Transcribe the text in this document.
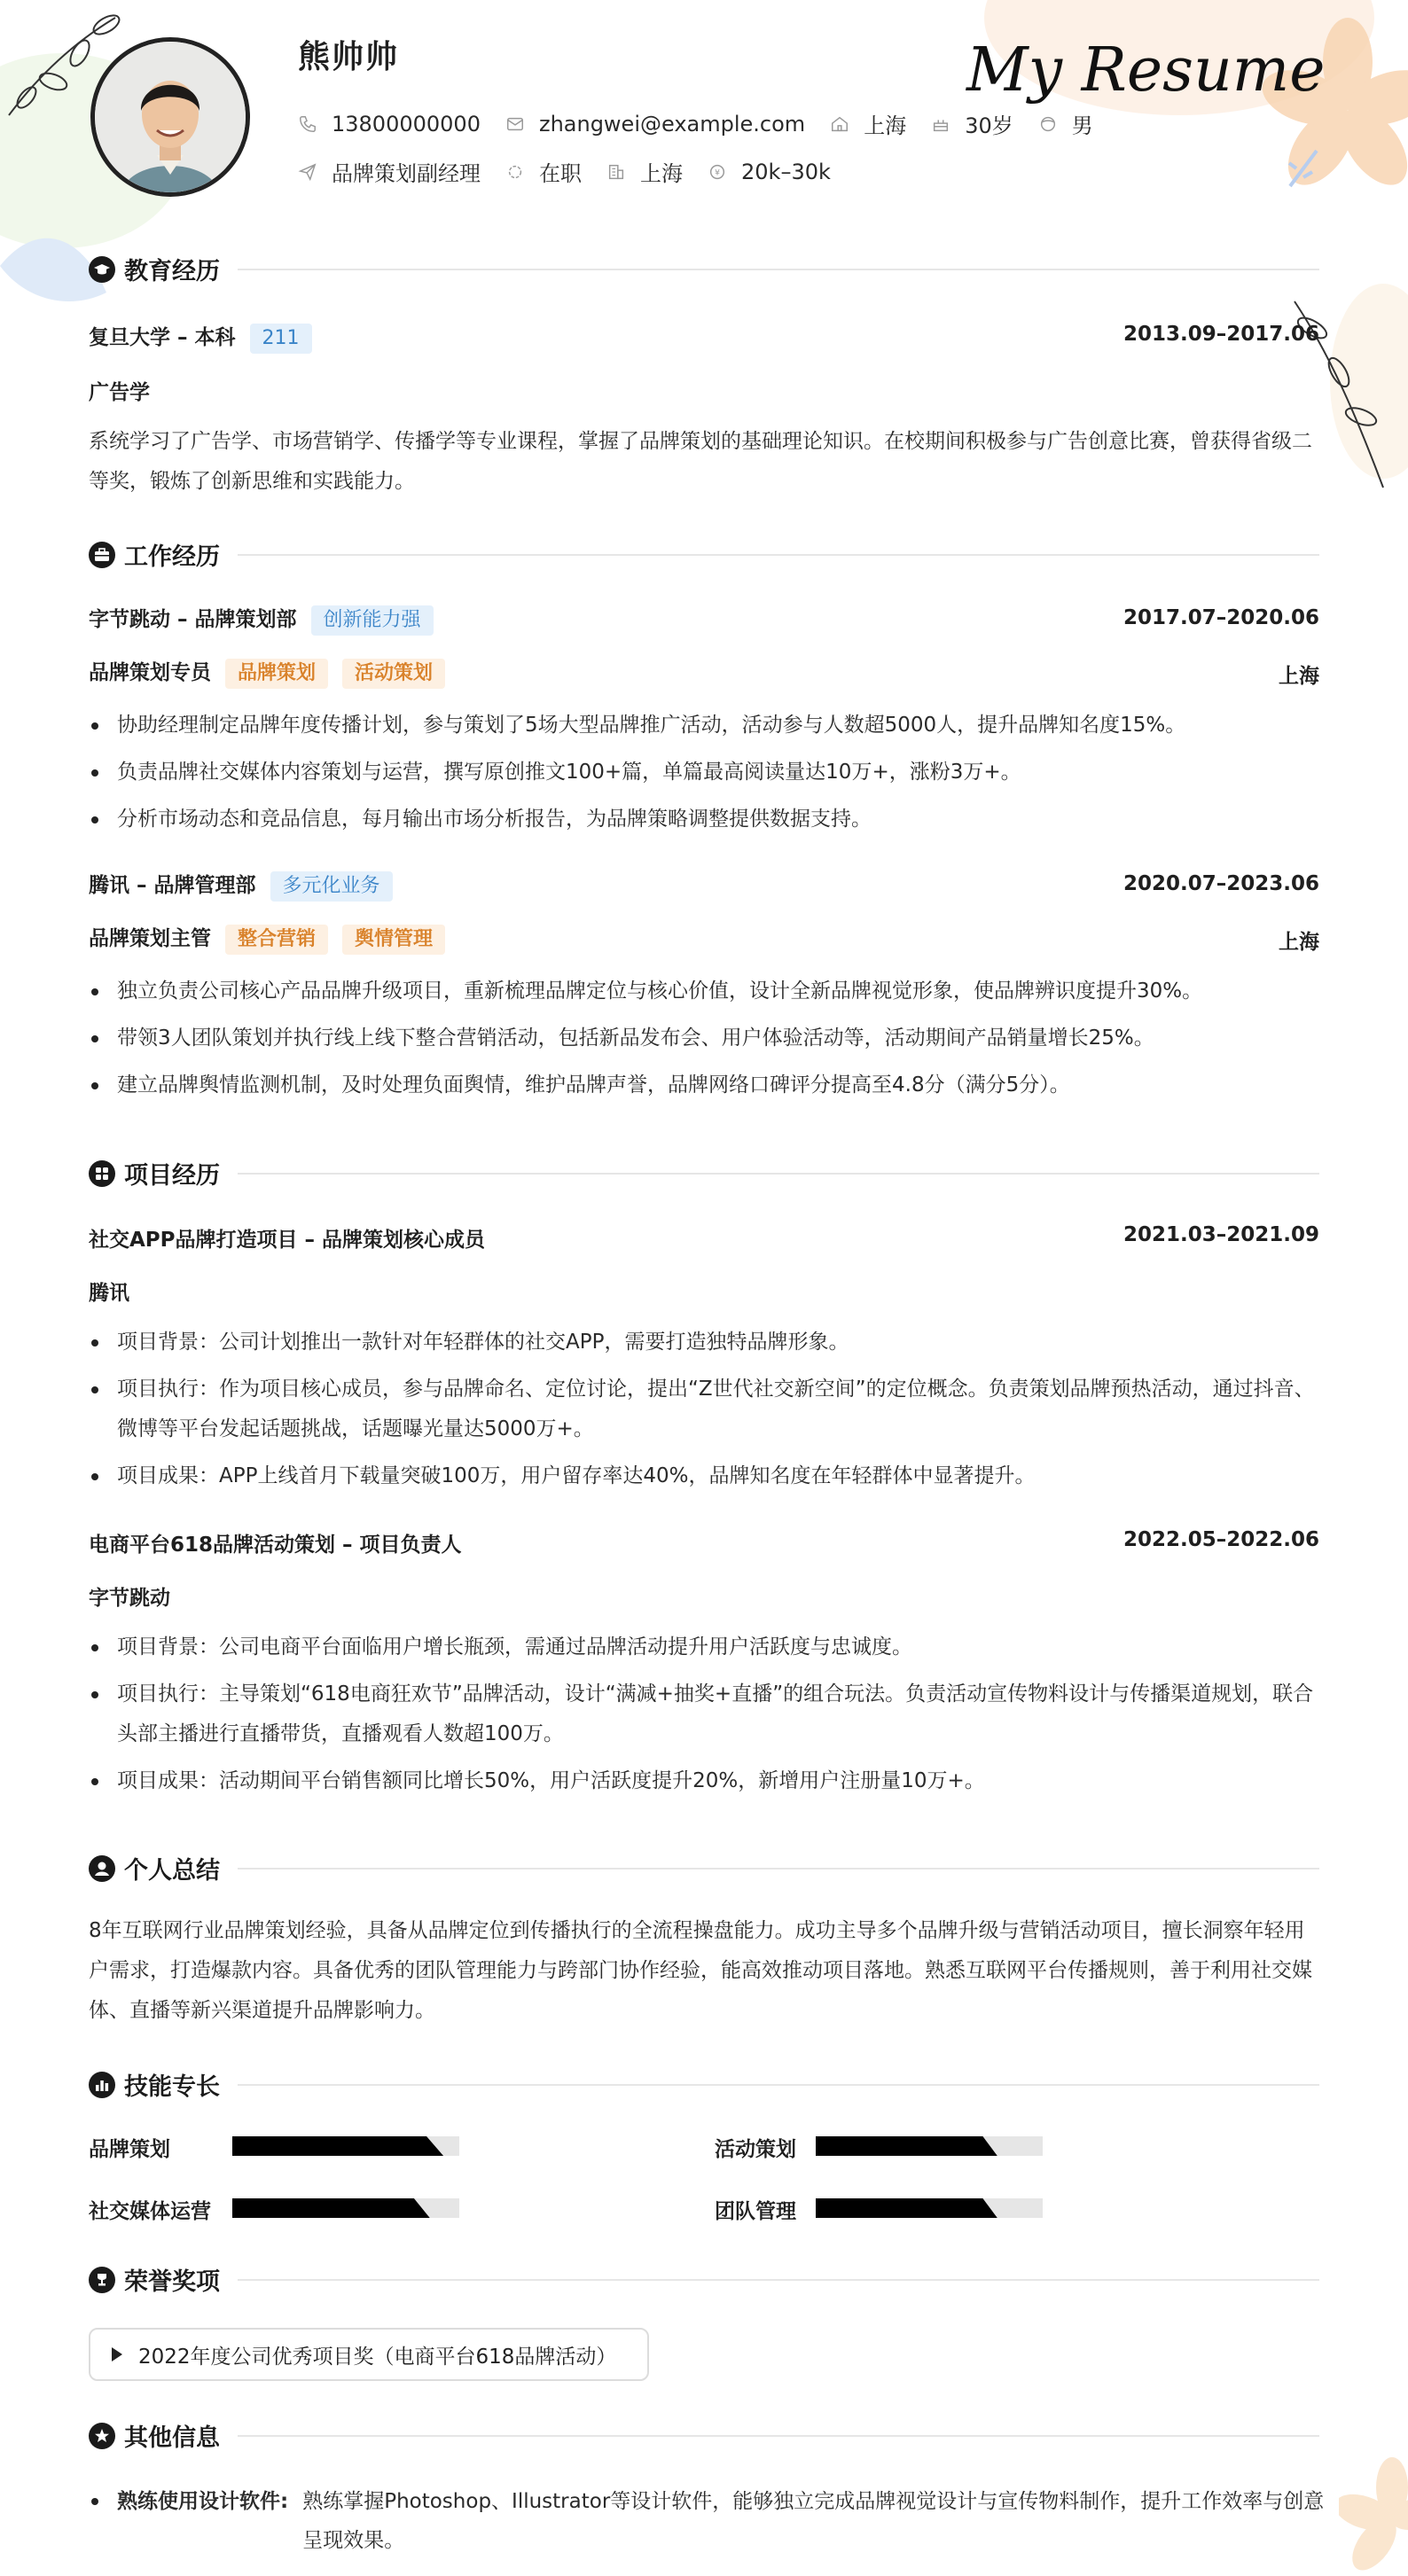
熊帅帅	My Resume
13800000000	zhangwei@example.com	上海	30岁	男
品牌策划副经理	在职	上海	¥ 20k–30k
教育经历
复旦大学 – 本科 211	2013.09–2017.06
广告学
系统学习了广告学、市场营销学、传播学等专业课程，掌握了品牌策划的基础理论知识。在校期间积极参与广告创意比赛，曾获得省级二等奖，锻炼了创新思维和实践能力。
工作经历
字节跳动 – 品牌策划部 创新能力强	2017.07–2020.06
品牌策划专员 品牌策划 活动策划	上海
协助经理制定品牌年度传播计划，参与策划了5场大型品牌推广活动，活动参与人数超5000人，提升品牌知名度15%。
负责品牌社交媒体内容策划与运营，撰写原创推文100+篇，单篇最高阅读量达10万+，涨粉3万+。
分析市场动态和竞品信息，每月输出市场分析报告，为品牌策略调整提供数据支持。
腾讯 – 品牌管理部 多元化业务	2020.07–2023.06
品牌策划主管 整合营销 舆情管理	上海
独立负责公司核心产品品牌升级项目，重新梳理品牌定位与核心价值，设计全新品牌视觉形象，使品牌辨识度提升30%。
带领3人团队策划并执行线上线下整合营销活动，包括新品发布会、用户体验活动等，活动期间产品销量增长25%。
建立品牌舆情监测机制，及时处理负面舆情，维护品牌声誉，品牌网络口碑评分提高至4.8分（满分5分）。
项目经历
社交APP品牌打造项目 – 品牌策划核心成员	2021.03–2021.09
腾讯
项目背景：公司计划推出一款针对年轻群体的社交APP，需要打造独特品牌形象。
项目执行：作为项目核心成员，参与品牌命名、定位讨论，提出“Z世代社交新空间”的定位概念。负责策划品牌预热活动，通过抖音、微博等平台发起话题挑战，话题曝光量达5000万+。
项目成果：APP上线首月下载量突破100万，用户留存率达40%，品牌知名度在年轻群体中显著提升。
电商平台618品牌活动策划 – 项目负责人	2022.05–2022.06
字节跳动
项目背景：公司电商平台面临用户增长瓶颈，需通过品牌活动提升用户活跃度与忠诚度。
项目执行：主导策划“618电商狂欢节”品牌活动，设计“满减+抽奖+直播”的组合玩法。负责活动宣传物料设计与传播渠道规划，联合头部主播进行直播带货，直播观看人数超100万。
项目成果：活动期间平台销售额同比增长50%，用户活跃度提升20%，新增用户注册量10万+。
个人总结
8年互联网行业品牌策划经验，具备从品牌定位到传播执行的全流程操盘能力。成功主导多个品牌升级与营销活动项目，擅长洞察年轻用户需求，打造爆款内容。具备优秀的团队管理能力与跨部门协作经验，能高效推动项目落地。熟悉互联网平台传播规则，善于利用社交媒体、直播等新兴渠道提升品牌影响力。
技能专长
品牌策划	活动策划
社交媒体运营	团队管理
荣誉奖项
2022年度公司优秀项目奖（电商平台618品牌活动）
其他信息
熟练使用设计软件: 熟练掌握Photoshop、Illustrator等设计软件，能够独立完成品牌视觉设计与宣传物料制作，提升工作效率与创意呈现效果。
